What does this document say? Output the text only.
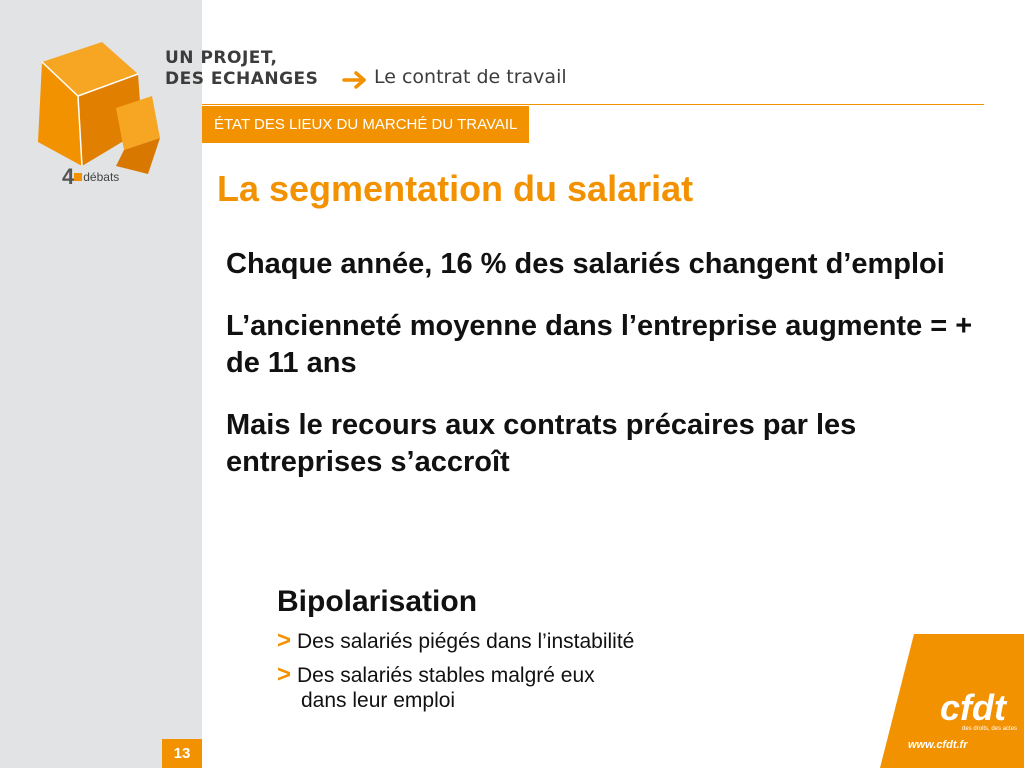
4 débats
UN PROJET,
DES ECHANGES	Le contrat de travail
ÉTAT DES LIEUX DU MARCHÉ DU TRAVAIL
La segmentation du salariat
Chaque année, 16 % des salariés changent d’emploi
L’ancienneté moyenne dans l’entreprise augmente = + de 11 ans
Mais le recours aux contrats précaires par les entreprises s’accroît
Bipolarisation
> Des salariés piégés dans l’instabilité
> Des salariés stables malgré eux
dans leur emploi
13
cfdt
des droits, des actes
www.cfdt.fr
